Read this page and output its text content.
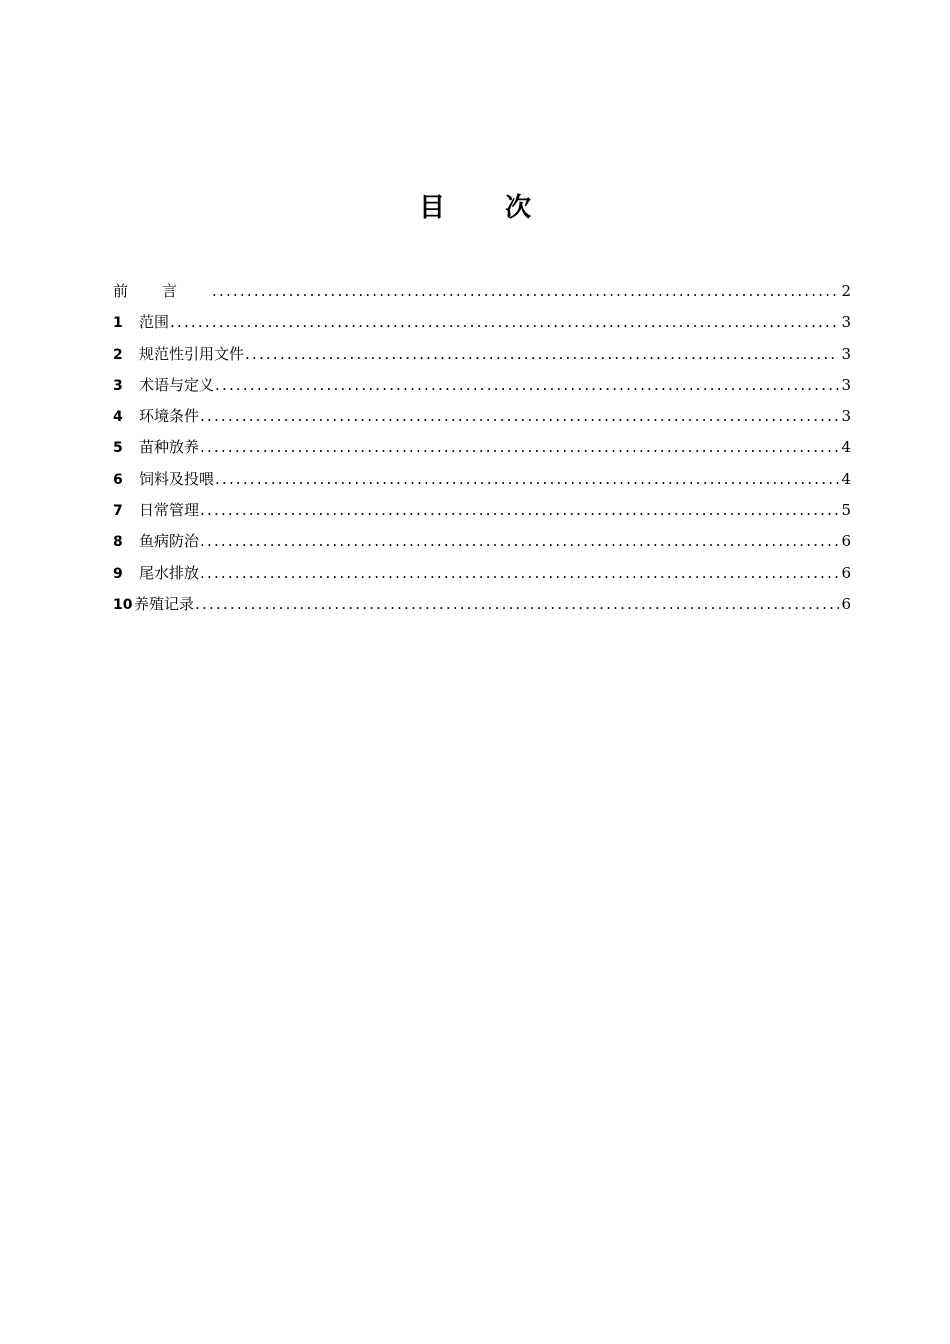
目 次
前言 .....	2
1	范围 .....	3
2	规范性引用文件 .....	3
3	术语与定义 .....	3
4	环境条件 .....	3
5	苗种放养 .....	4
6	饲料及投喂 .....	4
7	日常管理 .....	5
8	鱼病防治 .....	6
9	尾水排放 .....	6
10 养殖记录 .....	6
